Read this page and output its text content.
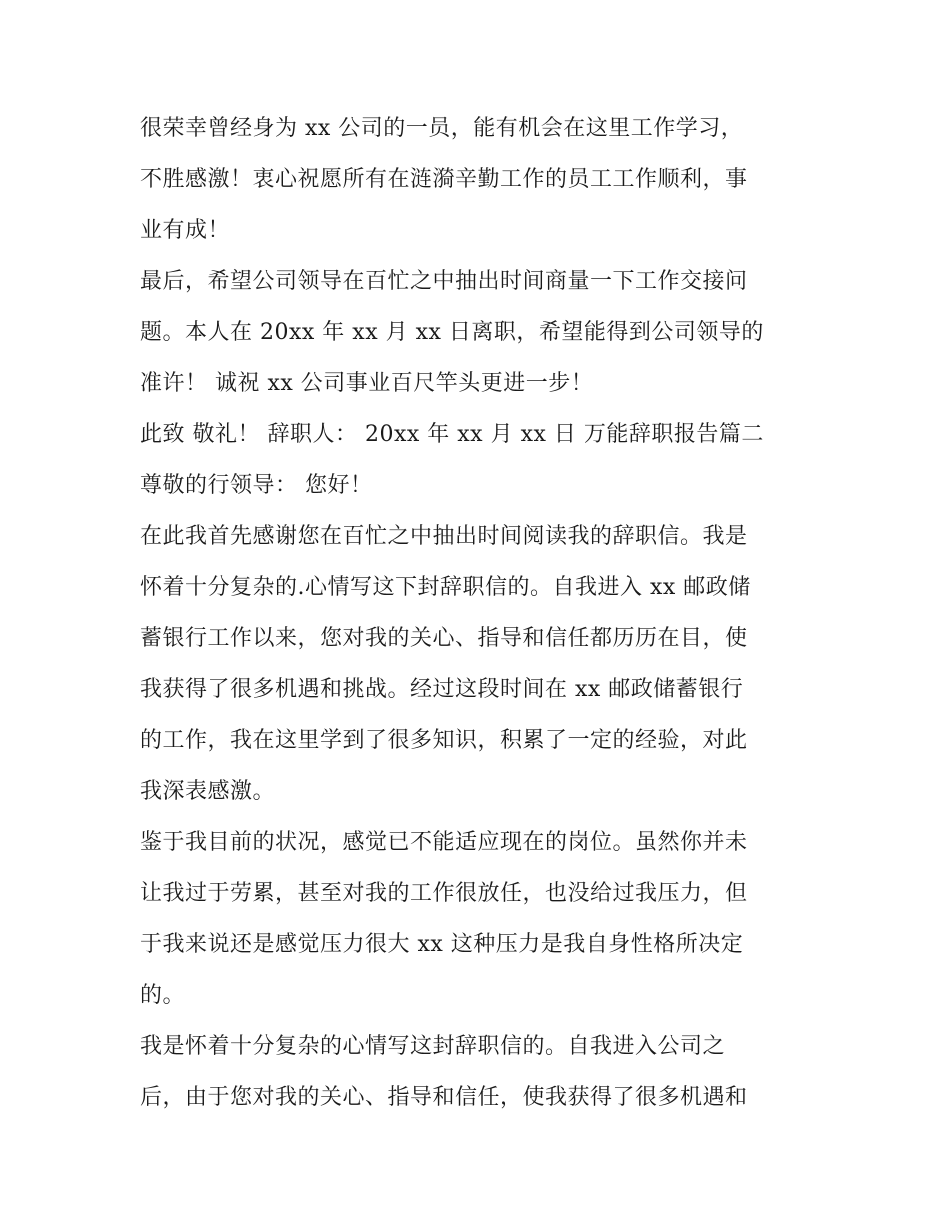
很荣幸曾经身为 xx 公司的一员，能有机会在这里工作学习，
不胜感激！衷心祝愿所有在涟漪辛勤工作的员工工作顺利，事
业有成！
最后，希望公司领导在百忙之中抽出时间商量一下工作交接问
题。本人在 20xx 年 xx 月 xx 日离职，希望能得到公司领导的
准许！ 诚祝 xx 公司事业百尺竿头更进一步！
此致 敬礼！ 辞职人： 20xx 年 xx 月 xx 日 万能辞职报告篇二
尊敬的行领导： 您好！
在此我首先感谢您在百忙之中抽出时间阅读我的辞职信。我是
怀着十分复杂的.心情写这下封辞职信的。自我进入 xx 邮政储
蓄银行工作以来，您对我的关心、指导和信任都历历在目，使
我获得了很多机遇和挑战。经过这段时间在 xx 邮政储蓄银行
的工作，我在这里学到了很多知识，积累了一定的经验，对此
我深表感激。
鉴于我目前的状况，感觉已不能适应现在的岗位。虽然你并未
让我过于劳累，甚至对我的工作很放任，也没给过我压力，但
于我来说还是感觉压力很大 xx 这种压力是我自身性格所决定
的。
我是怀着十分复杂的心情写这封辞职信的。自我进入公司之
后，由于您对我的关心、指导和信任，使我获得了很多机遇和
